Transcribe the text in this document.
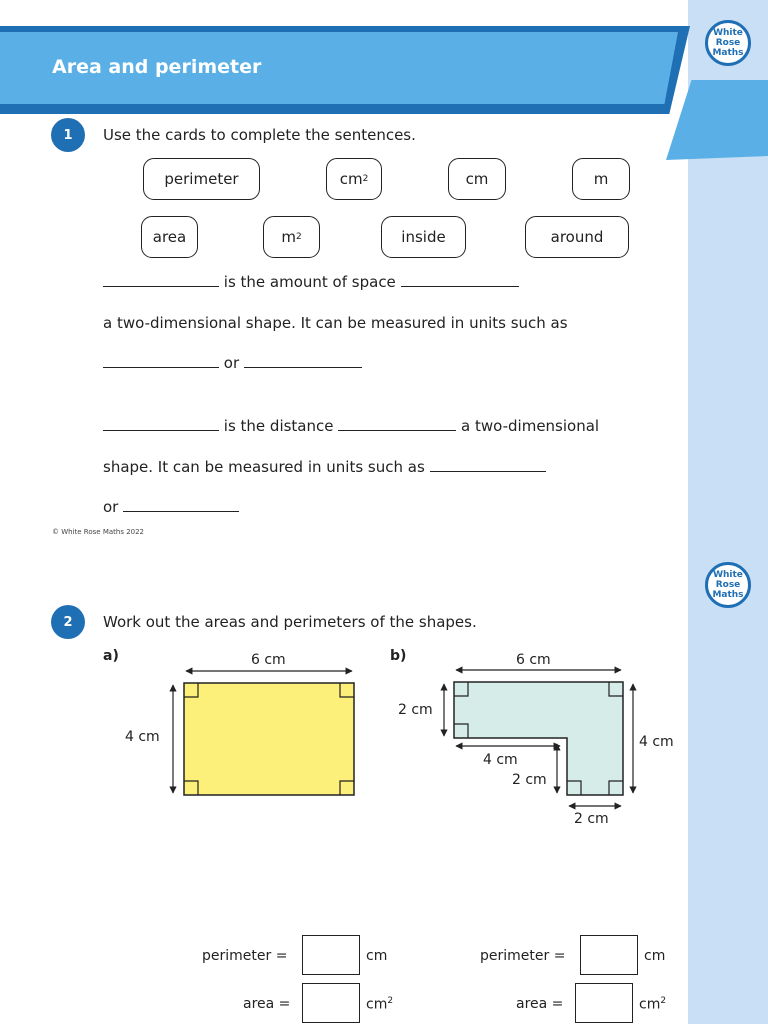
Area and perimeter
White
Rose
Maths
1	Use the cards to complete the sentences.
perimeter	cm 2	cm	m
area	m 2	inside	around
is the amount of space
a two-dimensional shape. It can be measured in units such as
or
is the distance	a two-dimensional
shape. It can be measured in units such as
or
© White Rose Maths 2022
White
Rose
Maths
2	Work out the areas and perimeters of the shapes.
a)	b)
6 cm
4 cm
6 cm
2 cm
4 cm
4 cm
2 cm
2 cm
perimeter =	cm
area =	$cm^2$
perimeter =	cm
area =	$cm^2$
